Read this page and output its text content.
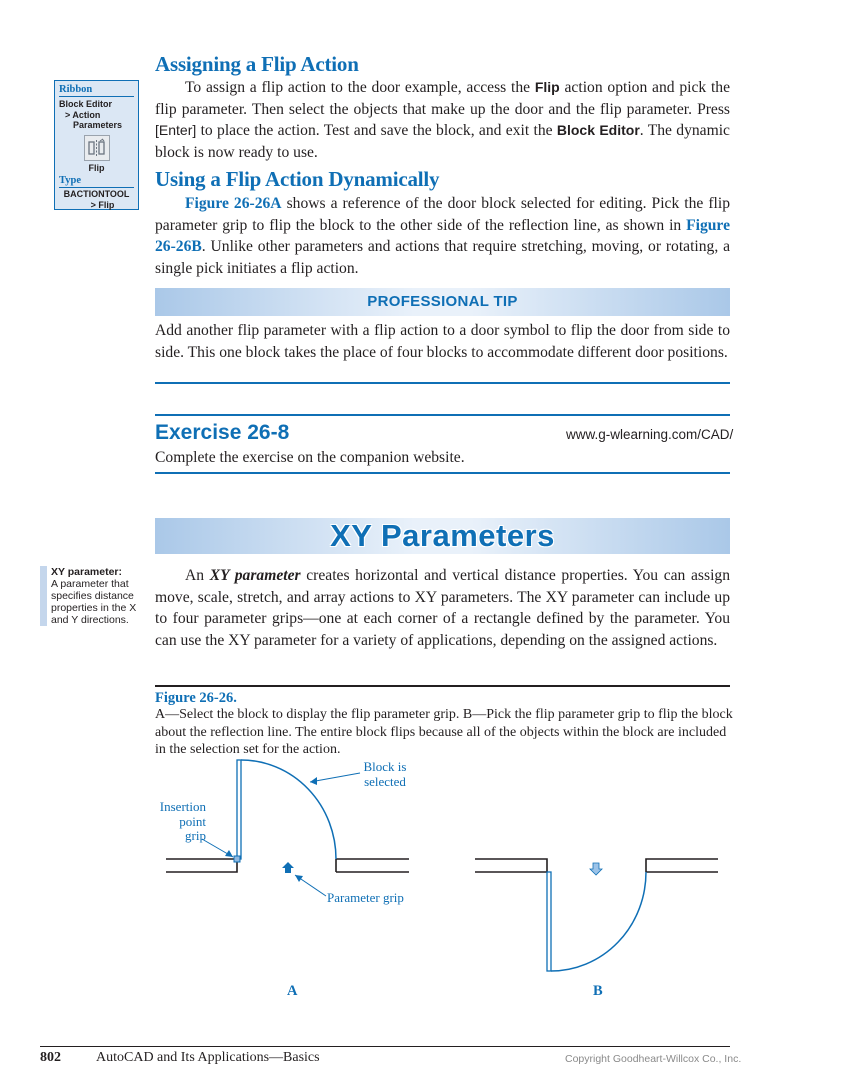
Ribbon
Block Editor
> Action
Parameters
Flip
Type
BACTIONTOOL
> Flip
Assigning a Flip Action
To assign a flip action to the door example, access the Flip action option and pick the flip parameter. Then select the objects that make up the door and the flip parameter. Press [Enter] to place the action. Test and save the block, and exit the Block Editor. The dynamic block is now ready to use.
Using a Flip Action Dynamically
Figure 26-26A shows a reference of the door block selected for editing. Pick the flip parameter grip to flip the block to the other side of the reflection line, as shown in Figure 26-26B. Unlike other parameters and actions that require stretching, moving, or rotating, a single pick initiates a flip action.
PROFESSIONAL TIP
Add another flip parameter with a flip action to a door symbol to flip the door from side to side. This one block takes the place of four blocks to accommodate different door positions.
Exercise 26-8	www.g-wlearning.com/CAD/
Complete the exercise on the companion website.
XY Parameters
XY parameter:
A parameter that specifies distance properties in the X and Y directions.
An XY parameter creates horizontal and vertical distance properties. You can assign move, scale, stretch, and array actions to XY parameters. The XY parameter can include up to four parameter grips—one at each corner of a rectangle defined by the parameter. You can use the XY parameter for a variety of applications, depending on the assigned actions.
Figure 26-26.
A—Select the block to display the flip parameter grip. B—Pick the flip parameter grip to flip the block about the reflection line. The entire block flips because all of the objects within the block are included in the selection set for the action.
Block is
selected
Insertion
point
grip
Parameter grip
A	B
802	AutoCAD and Its Applications—Basics	Copyright Goodheart-Willcox Co., Inc.
